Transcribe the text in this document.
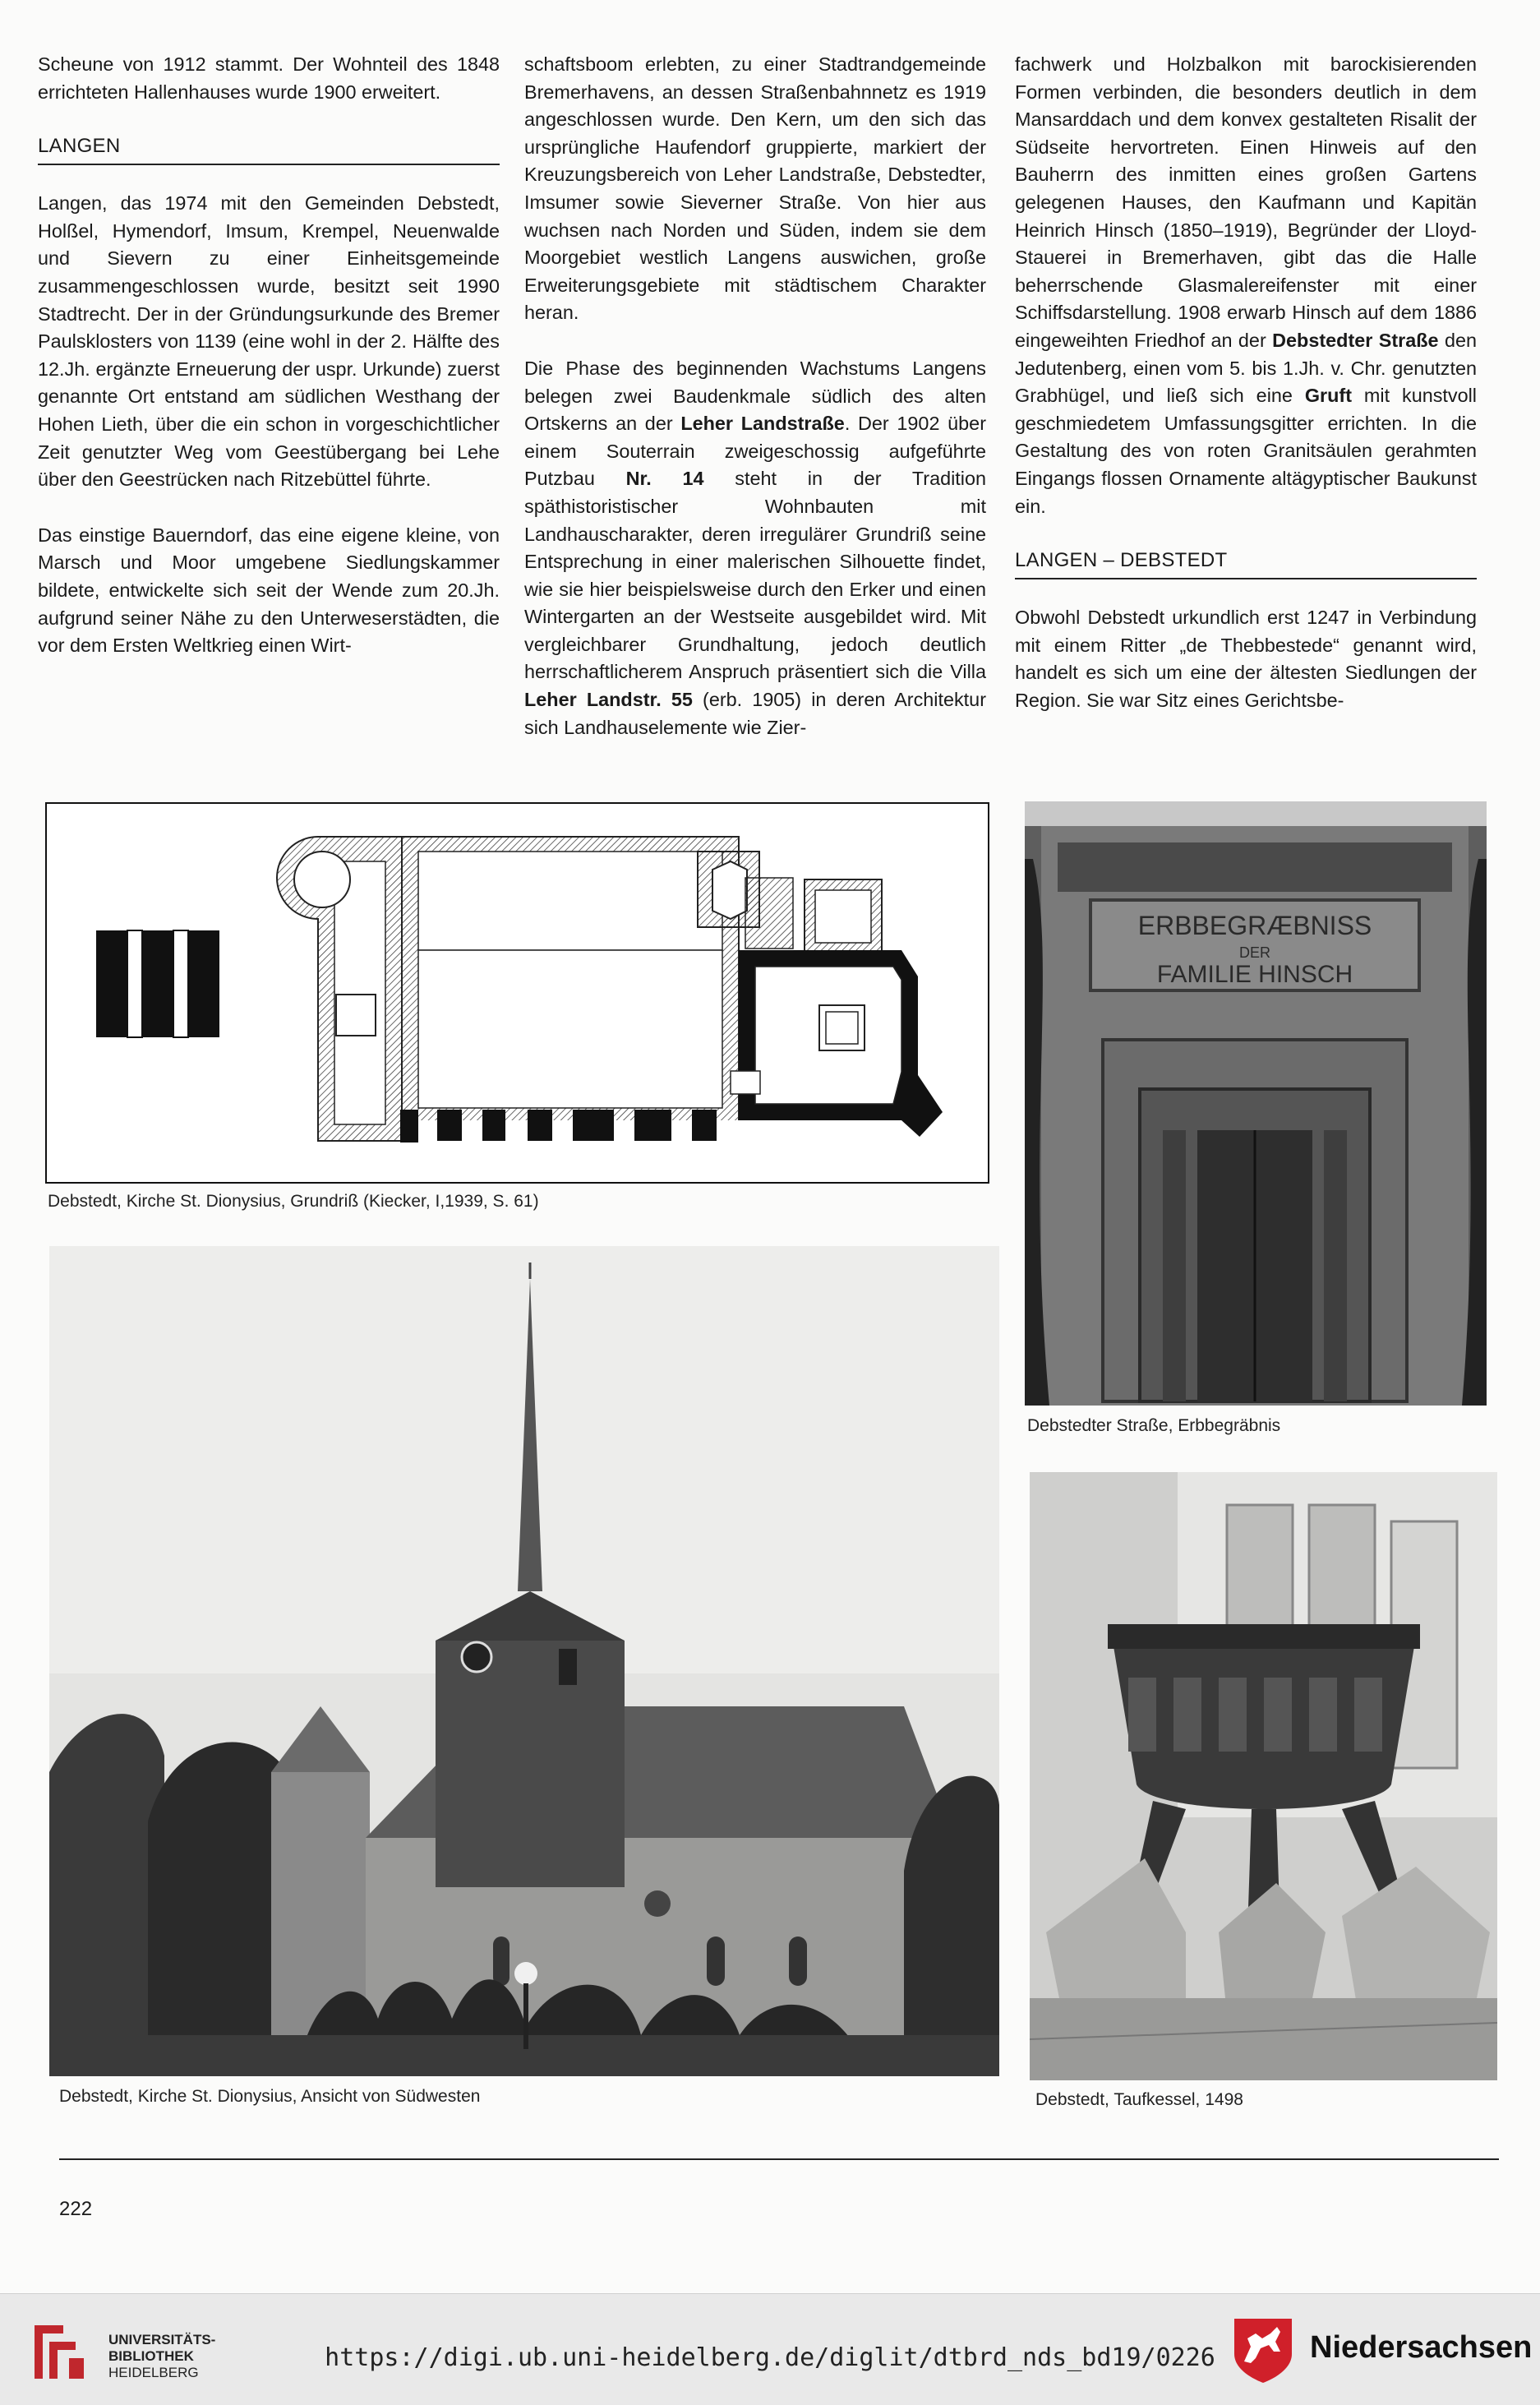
Scheune von 1912 stammt. Der Wohnteil des 1848 errichteten Hallenhauses wurde 1900 erweitert.

LANGEN

Langen, das 1974 mit den Gemeinden Debstedt, Holßel, Hymendorf, Imsum, Krempel, Neuenwalde und Sievern zu einer Einheitsgemeinde zusammengeschlossen wurde, besitzt seit 1990 Stadtrecht. Der in der Gründungsurkunde des Bremer Paulsklosters von 1139 (eine wohl in der 2. Hälfte des 12.Jh. ergänzte Erneuerung der uspr. Urkunde) zuerst genannte Ort entstand am südlichen Westhang der Hohen Lieth, über die ein schon in vorgeschichtlicher Zeit genutzter Weg vom Geestübergang bei Lehe über den Geestrücken nach Ritzebüttel führte.

Das einstige Bauerndorf, das eine eigene kleine, von Marsch und Moor umgebene Siedlungskammer bildete, entwickelte sich seit der Wende zum 20.Jh. aufgrund seiner Nähe zu den Unterweserstädten, die vor dem Ersten Weltkrieg einen Wirt-

schaftsboom erlebten, zu einer Stadtrandgemeinde Bremerhavens, an dessen Straßenbahnnetz es 1919 angeschlossen wurde. Den Kern, um den sich das ursprüngliche Haufendorf gruppierte, markiert der Kreuzungsbereich von Leher Landstraße, Debstedter, Imsumer sowie Sieverner Straße. Von hier aus wuchsen nach Norden und Süden, indem sie dem Moorgebiet westlich Langens auswichen, große Erweiterungsgebiete mit städtischem Charakter heran.

Die Phase des beginnenden Wachstums Langens belegen zwei Baudenkmale südlich des alten Ortskerns an der Leher Landstraße. Der 1902 über einem Souterrain zweigeschossig aufgeführte Putzbau Nr. 14 steht in der Tradition späthistoristischer Wohnbauten mit Landhauscharakter, deren irregulärer Grundriß seine Entsprechung in einer malerischen Silhouette findet, wie sie hier beispielsweise durch den Erker und einen Wintergarten an der Westseite ausgebildet wird. Mit vergleichbarer Grundhaltung, jedoch deutlich herrschaftlicherem Anspruch präsentiert sich die Villa Leher Landstr. 55 (erb. 1905) in deren Architektur sich Landhauselemente wie Zier-

fachwerk und Holzbalkon mit barockisierenden Formen verbinden, die besonders deutlich in dem Mansarddach und dem konvex gestalteten Risalit der Südseite hervortreten. Einen Hinweis auf den Bauherrn des inmitten eines großen Gartens gelegenen Hauses, den Kaufmann und Kapitän Heinrich Hinsch (1850–1919), Begründer der Lloyd-Stauerei in Bremerhaven, gibt das die Halle beherrschende Glasmalereifenster mit einer Schiffsdarstellung. 1908 erwarb Hinsch auf dem 1886 eingeweihten Friedhof an der Debstedter Straße den Jedutenberg, einen vom 5. bis 1.Jh. v. Chr. genutzten Grabhügel, und ließ sich eine Gruft mit kunstvoll geschmiedetem Umfassungsgitter errichten. In die Gestaltung des von roten Granitsäulen gerahmten Eingangs flossen Ornamente altägyptischer Baukunst ein.

LANGEN – DEBSTEDT

Obwohl Debstedt urkundlich erst 1247 in Verbindung mit einem Ritter „de Thebbestede“ genannt wird, handelt es sich um eine der ältesten Siedlungen der Region. Sie war Sitz eines Gerichtsbe-

Debstedt, Kirche St. Dionysius, Grundriß (Kiecker, I,1939, S. 61)
ERBBEGRÆBNISS
DER
FAMILIE HINSCH
Debstedter Straße, Erbbegräbnis
Debstedt, Kirche St. Dionysius, Ansicht von Südwesten	Debstedt, Taufkessel, 1498
222
UNIVERSITÄTS-
BIBLIOTHEK
HEIDELBERG
https://digi.ub.uni-heidelberg.de/diglit/dtbrd_nds_bd19/0226	Niedersachsen
